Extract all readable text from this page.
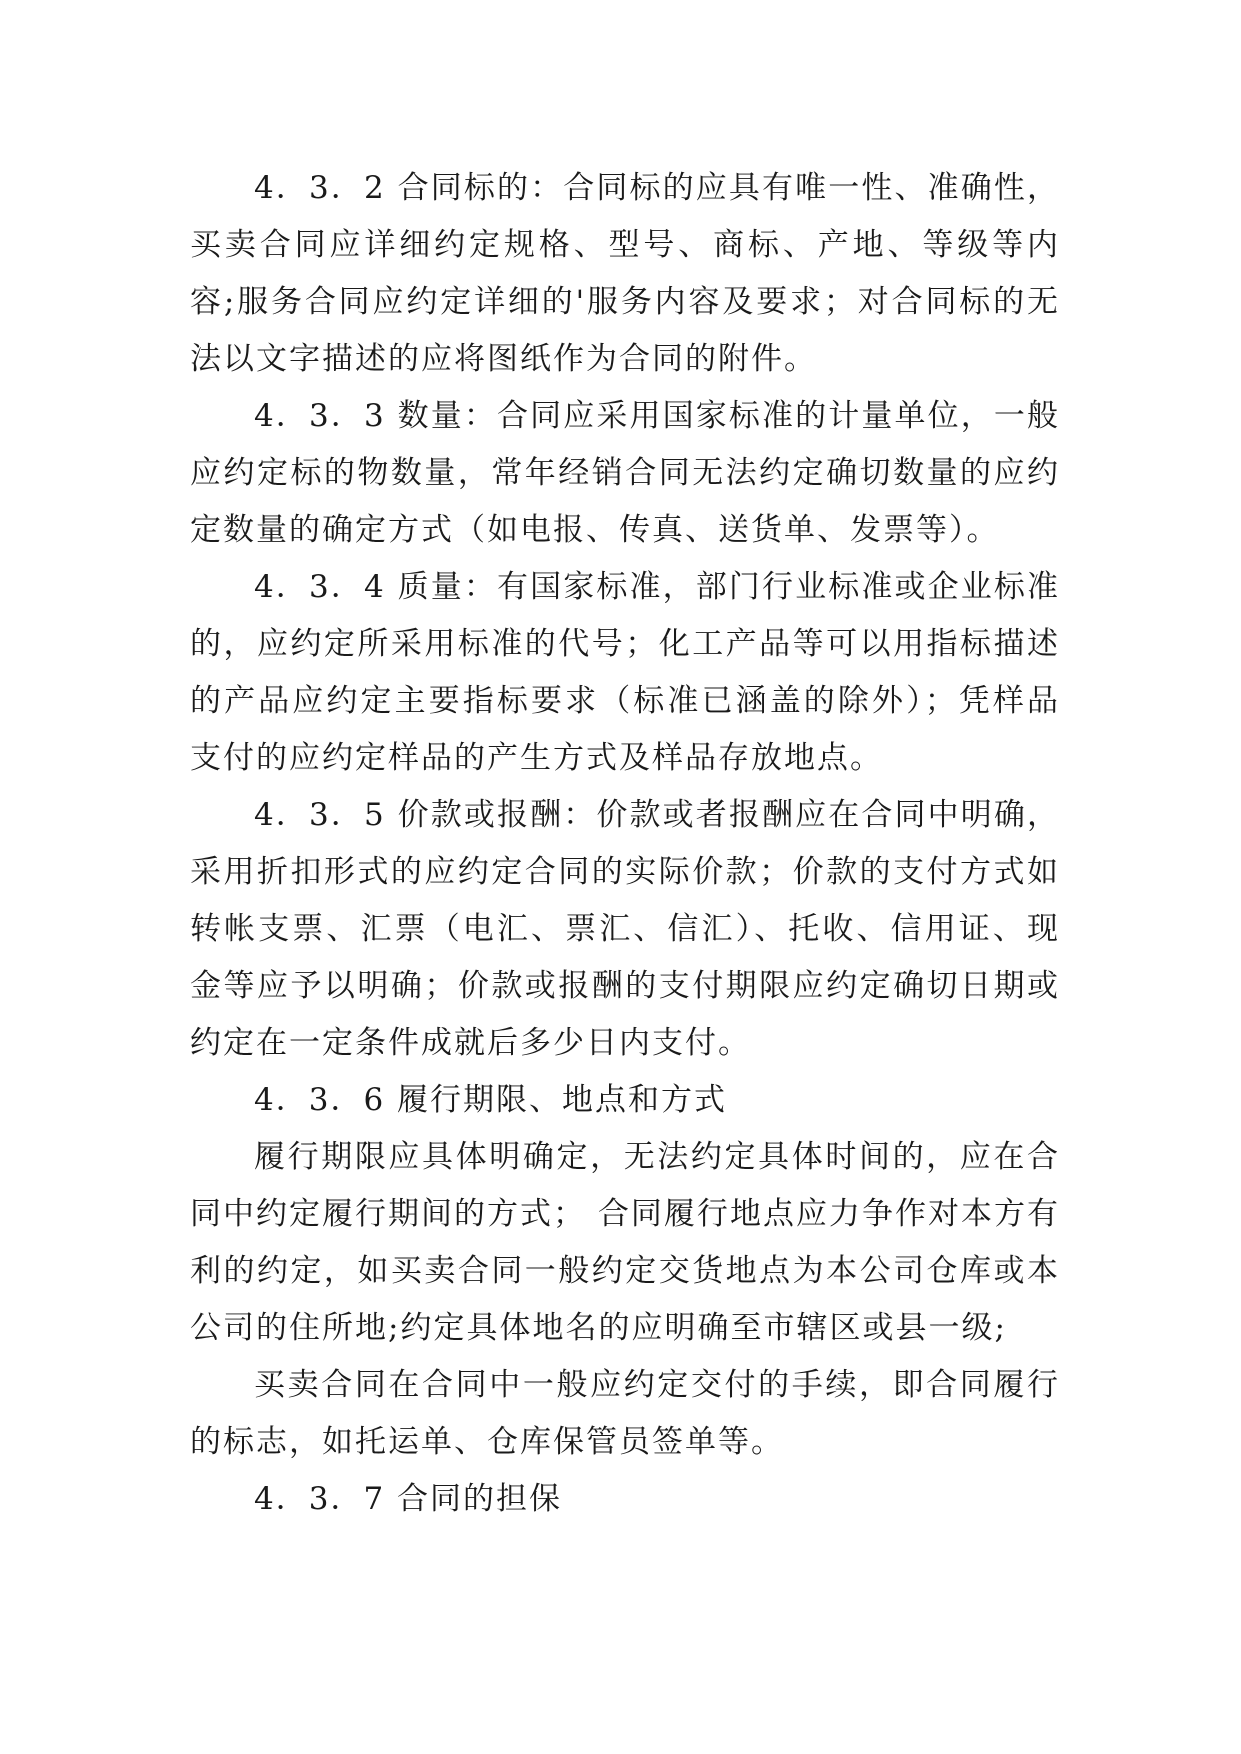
4．3．2 合同标的：合同标的应具有唯一性、准确性，买卖合同应详细约定规格、型号、商标、产地、等级等内容;服务合同应约定详细的'服务内容及要求；对合同标的无法以文字描述的应将图纸作为合同的附件。

4．3．3 数量：合同应采用国家标准的计量单位，一般应约定标的物数量，常年经销合同无法约定确切数量的应约定数量的确定方式（如电报、传真、送货单、发票等）。

4．3．4 质量：有国家标准，部门行业标准或企业标准的，应约定所采用标准的代号；化工产品等可以用指标描述的产品应约定主要指标要求（标准已涵盖的除外）；凭样品支付的应约定样品的产生方式及样品存放地点。

4．3．5 价款或报酬：价款或者报酬应在合同中明确，采用折扣形式的应约定合同的实际价款；价款的支付方式如转帐支票、汇票（电汇、票汇、信汇）、托收、信用证、现金等应予以明确；价款或报酬的支付期限应约定确切日期或约定在一定条件成就后多少日内支付。

4．3．6 履行期限、地点和方式

履行期限应具体明确定，无法约定具体时间的，应在合同中约定履行期间的方式； 合同履行地点应力争作对本方有利的约定，如买卖合同一般约定交货地点为本公司仓库或本公司的住所地;约定具体地名的应明确至市辖区或县一级;

买卖合同在合同中一般应约定交付的手续，即合同履行的标志，如托运单、仓库保管员签单等。

4．3．7 合同的担保
